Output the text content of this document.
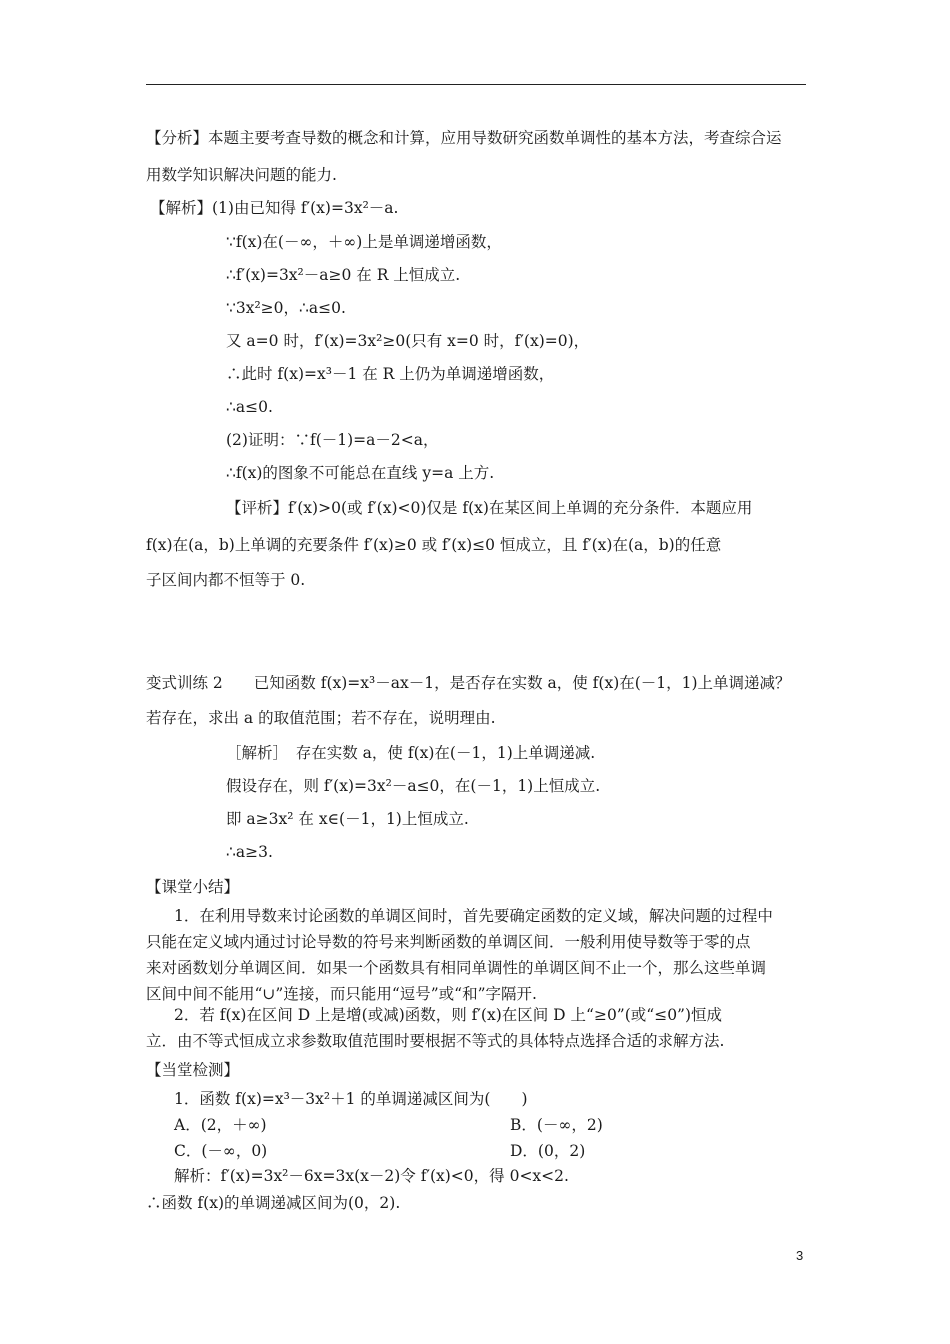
【分析】本题主要考查导数的概念和计算，应用导数研究函数单调性的基本方法，考查综合运
用数学知识解决问题的能力.
【解析】(1)由已知得 f′(x)=3x²－a.
∵f(x)在(－∞，＋∞)上是单调递增函数，
∴f′(x)=3x²－a≥0 在 R 上恒成立.
∵3x²≥0，∴a≤0.
又 a=0 时，f′(x)=3x²≥0(只有 x=0 时，f′(x)=0)，
∴此时 f(x)=x³－1 在 R 上仍为单调递增函数，
∴a≤0.
(2)证明：∵f(－1)=a－2<a，
∴f(x)的图象不可能总在直线 y=a 上方.
【评析】f′(x)>0(或 f′(x)<0)仅是 f(x)在某区间上单调的充分条件．本题应用
f(x)在(a，b)上单调的充要条件 f′(x)≥0 或 f′(x)≤0 恒成立，且 f′(x)在(a，b)的任意
子区间内都不恒等于 0.
变式训练 2　　已知函数 f(x)=x³－ax－1，是否存在实数 a，使 f(x)在(－1，1)上单调递减？
若存在，求出 a 的取值范围；若不存在，说明理由.
［解析］　存在实数 a，使 f(x)在(－1，1)上单调递减.
假设存在，则 f′(x)=3x²－a≤0，在(－1，1)上恒成立.
即 a≥3x² 在 x∈(－1，1)上恒成立.
∴a≥3.
【课堂小结】
1．在利用导数来讨论函数的单调区间时，首先要确定函数的定义域，解决问题的过程中
只能在定义域内通过讨论导数的符号来判断函数的单调区间．一般利用使导数等于零的点
来对函数划分单调区间．如果一个函数具有相同单调性的单调区间不止一个，那么这些单调
区间中间不能用“∪”连接，而只能用“逗号”或“和”字隔开.
2．若 f(x)在区间 D 上是增(或减)函数，则 f′(x)在区间 D 上“≥0”(或“≤0”)恒成
立．由不等式恒成立求参数取值范围时要根据不等式的具体特点选择合适的求解方法.
【当堂检测】
1．函数 f(x)=x³－3x²＋1 的单调递减区间为(　　)
A．(2，＋∞)	B．(－∞，2)
C．(－∞，0)	D．(0，2)
解析：f′(x)=3x²－6x=3x(x－2)令 f′(x)<0，得 0<x<2.
∴函数 f(x)的单调递减区间为(0，2).
3
